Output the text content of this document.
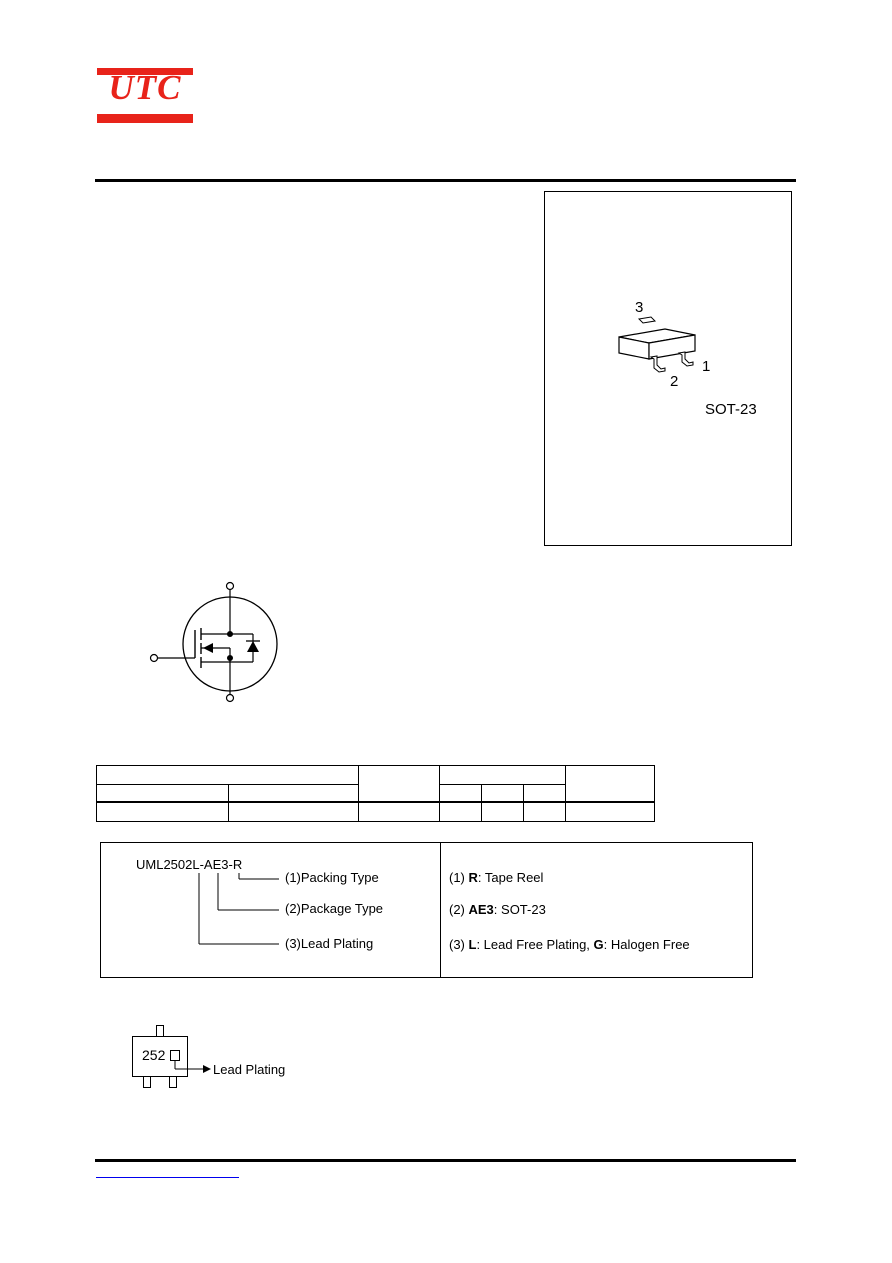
UTC
3
2
1
SOT-23
UML2502L-AE3-R
(1)Packing Type
(2)Package Type
(3)Lead Plating
(1) R: Tape Reel
(2) AE3: SOT-23
(3) L: Lead Free Plating, G: Halogen Free
252
Lead Plating
